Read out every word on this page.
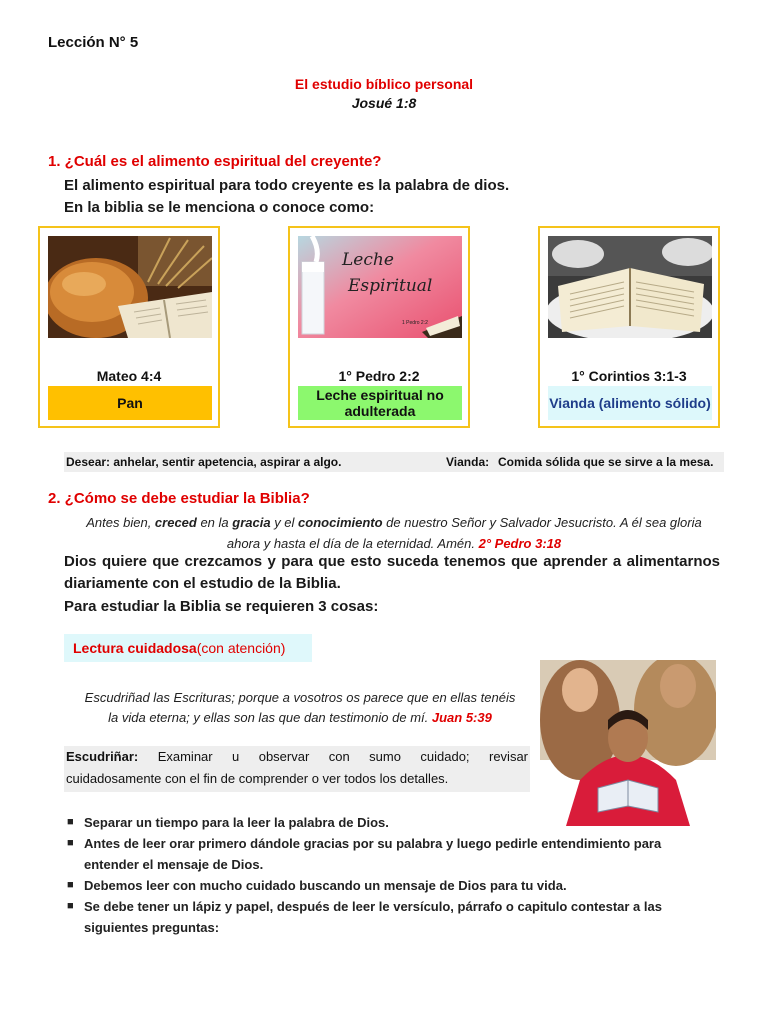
Lección N° 5
El estudio bíblico personal
Josué 1:8
1. ¿Cuál es el alimento espiritual del creyente?
El alimento espiritual para todo creyente es la palabra de dios.
En la biblia se le menciona o conoce como:
Mateo 4:4
Pan
Leche
Espiritual
1 Pedro 2:2
1° Pedro 2:2
Leche espiritual no adulterada
1° Corintios 3:1-3
Vianda (alimento sólido)
Desear: anhelar, sentir apetencia, aspirar a algo.	Vianda: Comida sólida que se sirve a la mesa.
2. ¿Cómo se debe estudiar la Biblia?
Antes bien, creced en la gracia y el conocimiento de nuestro Señor y Salvador Jesucristo. A él sea gloria
ahora y hasta el día de la eternidad. Amén. 2° Pedro 3:18
Dios quiere que crezcamos y para que esto suceda tenemos que aprender a alimentarnos
diariamente con el estudio de la Biblia.
Para estudiar la Biblia se requieren 3 cosas:
Lectura cuidadosa (con atención)
Escudriñad las Escrituras; porque a vosotros os parece que en ellas tenéis
la vida eterna; y ellas son las que dan testimonio de mí. Juan 5:39
Escudriñar: Examinar u observar con sumo cuidado; revisar
cuidadosamente con el fin de comprender o ver todos los detalles.
■ Separar un tiempo para la leer la palabra de Dios.
■ Antes de leer orar primero dándole gracias por su palabra y luego pedirle entendimiento para
entender el mensaje de Dios.
■ Debemos leer con mucho cuidado buscando un mensaje de Dios para tu vida.
■ Se debe tener un lápiz y papel, después de leer le versículo, párrafo o capitulo contestar a las
siguientes preguntas:
